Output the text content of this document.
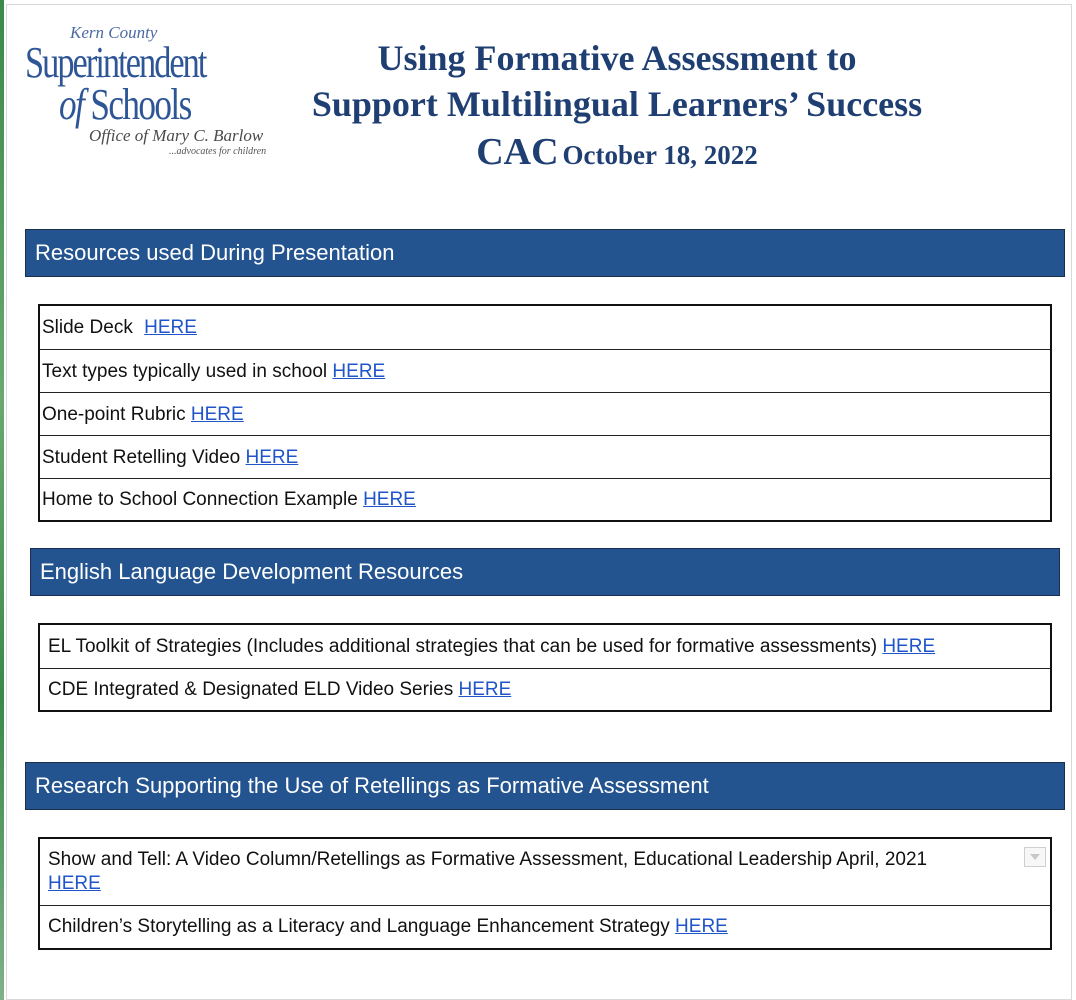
Kern County
Superintendent
of Schools
Office of Mary C. Barlow
...advocates for children
Using Formative Assessment to
Support Multilingual Learners’ Success
CAC October 18, 2022
Resources used During Presentation
Slide Deck HERE
Text types typically used in school HERE
One-point Rubric HERE
Student Retelling Video HERE
Home to School Connection Example HERE
English Language Development Resources
EL Toolkit of Strategies (Includes additional strategies that can be used for formative assessments) HERE
CDE Integrated & Designated ELD Video Series HERE
Research Supporting the Use of Retellings as Formative Assessment
Show and Tell: A Video Column/Retellings as Formative Assessment, Educational Leadership April, 2021
HERE
Children’s Storytelling as a Literacy and Language Enhancement Strategy HERE
